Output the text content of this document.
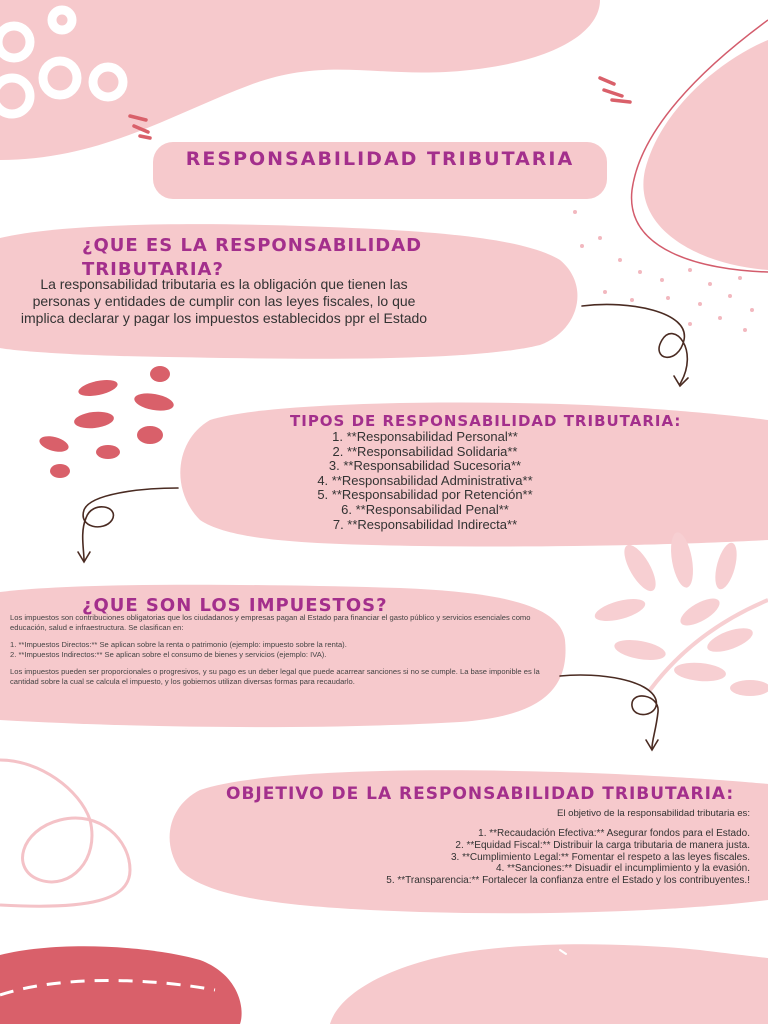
RESPONSABILIDAD TRIBUTARIA
¿QUE ES LA RESPONSABILIDAD TRIBUTARIA?

La responsabilidad tributaria es la obligación que tienen las personas y entidades de cumplir con las leyes fiscales, lo que implica declarar y pagar los impuestos establecidos ppr el Estado

TIPOS DE RESPONSABILIDAD TRIBUTARIA:
1. **Responsabilidad Personal**
2. **Responsabilidad Solidaria**
3. **Responsabilidad Sucesoria**
4. **Responsabilidad Administrativa**
5. **Responsabilidad por Retención**
6. **Responsabilidad Penal**
7. **Responsabilidad Indirecta**
¿QUE SON LOS IMPUESTOS?

Los impuestos son contribuciones obligatorias que los ciudadanos y empresas pagan al Estado para financiar el gasto público y servicios esenciales como educación, salud e infraestructura. Se clasifican en:

1. **Impuestos Directos:** Se aplican sobre la renta o patrimonio (ejemplo: impuesto sobre la renta).

2. **Impuestos Indirectos:** Se aplican sobre el consumo de bienes y servicios (ejemplo: IVA).

Los impuestos pueden ser proporcionales o progresivos, y su pago es un deber legal que puede acarrear sanciones si no se cumple. La base imponible es la cantidad sobre la cual se calcula el impuesto, y los gobiernos utilizan diversas formas para recaudarlo.

OBJETIVO DE LA RESPONSABILIDAD TRIBUTARIA:

El objetivo de la responsabilidad tributaria es:

1. **Recaudación Efectiva:** Asegurar fondos para el Estado.
2. **Equidad Fiscal:** Distribuir la carga tributaria de manera justa.
3. **Cumplimiento Legal:** Fomentar el respeto a las leyes fiscales.
4. **Sanciones:** Disuadir el incumplimiento y la evasión.
5. **Transparencia:** Fortalecer la confianza entre el Estado y los contribuyentes.!
